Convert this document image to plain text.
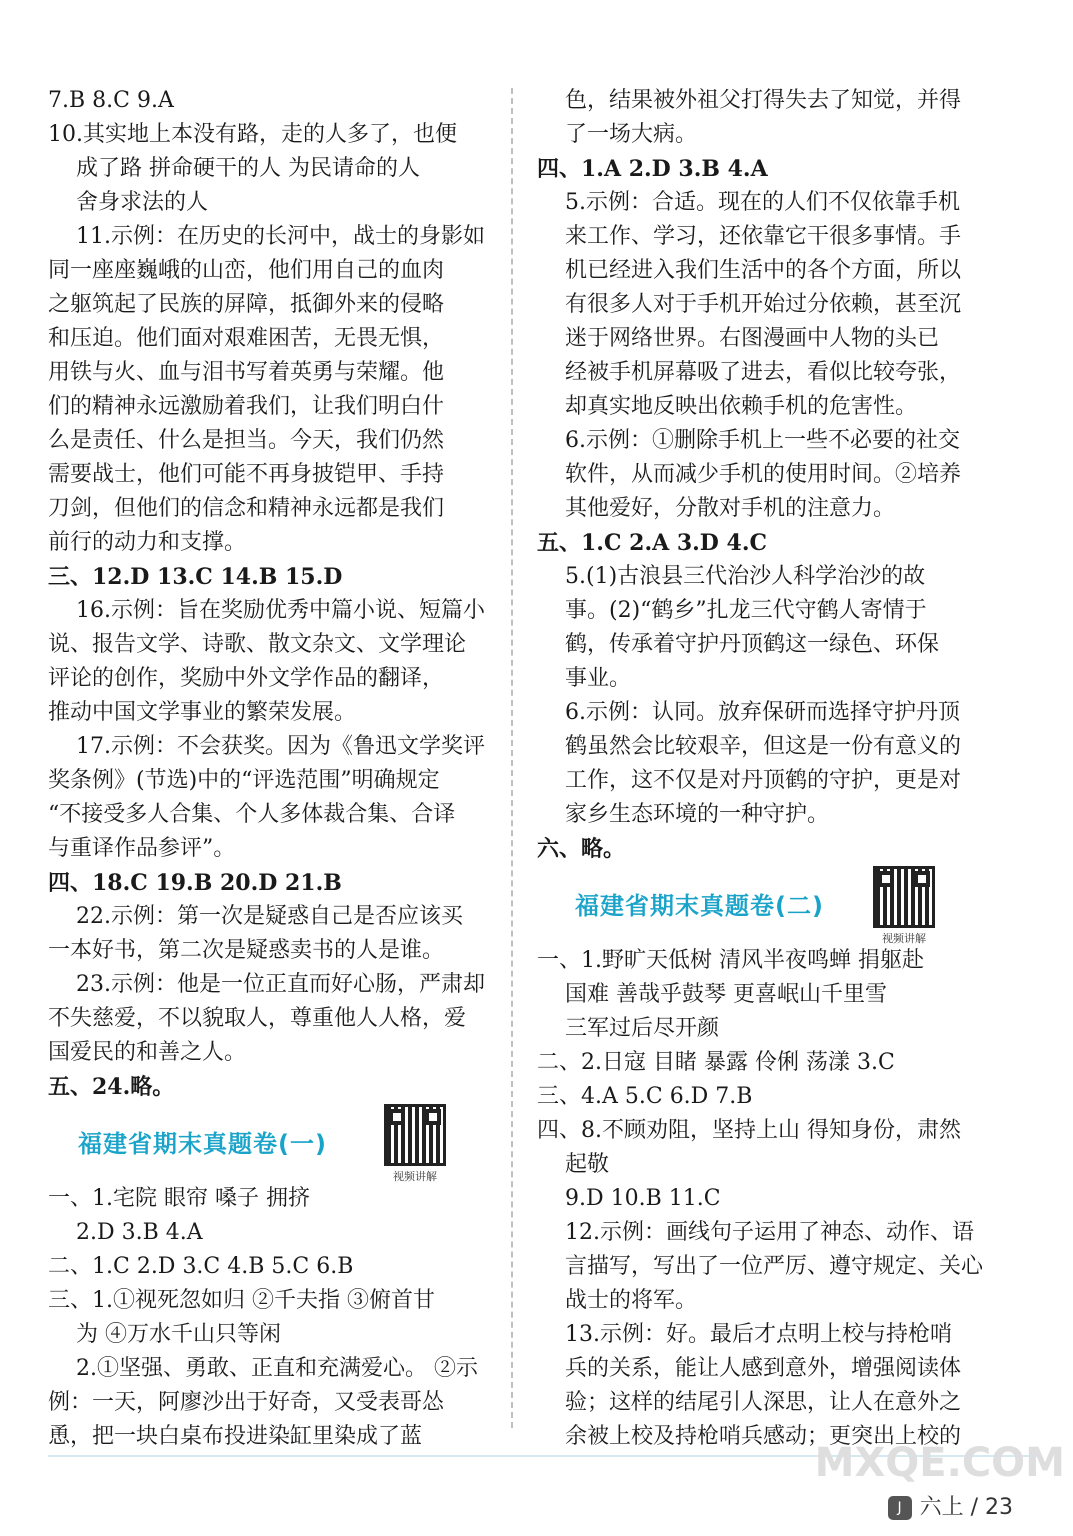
7.B 8.C 9.A
10.其实地上本没有路，走的人多了，也便
成了路 拼命硬干的人 为民请命的人
舍身求法的人
11.示例：在历史的长河中，战士的身影如
同一座座巍峨的山峦，他们用自己的血肉
之躯筑起了民族的屏障，抵御外来的侵略
和压迫。他们面对艰难困苦，无畏无惧，
用铁与火、血与泪书写着英勇与荣耀。他
们的精神永远激励着我们，让我们明白什
么是责任、什么是担当。今天，我们仍然
需要战士，他们可能不再身披铠甲、手持
刀剑，但他们的信念和精神永远都是我们
前行的动力和支撑。
三、12.D 13.C 14.B 15.D
16.示例：旨在奖励优秀中篇小说、短篇小
说、报告文学、诗歌、散文杂文、文学理论
评论的创作，奖励中外文学作品的翻译，
推动中国文学事业的繁荣发展。
17.示例：不会获奖。因为《鲁迅文学奖评
奖条例》(节选)中的“评选范围”明确规定
“不接受多人合集、个人多体裁合集、合译
与重译作品参评”。
四、18.C 19.B 20.D 21.B
22.示例：第一次是疑惑自己是否应该买
一本好书，第二次是疑惑卖书的人是谁。
23.示例：他是一位正直而好心肠，严肃却
不失慈爱，不以貌取人，尊重他人人格，爱
国爱民的和善之人。
五、24.略。
福建省期末真题卷(一)
视频讲解
一、1.宅院 眼帘 嗓子 拥挤
2.D 3.B 4.A
二、1.C 2.D 3.C 4.B 5.C 6.B
三、1.①视死忽如归 ②千夫指 ③俯首甘
为 ④万水千山只等闲
2.①坚强、勇敢、正直和充满爱心。 ②示
例：一天，阿廖沙出于好奇，又受表哥怂
恿，把一块白桌布投进染缸里染成了蓝
色，结果被外祖父打得失去了知觉，并得
了一场大病。
四、1.A 2.D 3.B 4.A
5.示例：合适。现在的人们不仅依靠手机
来工作、学习，还依靠它干很多事情。手
机已经进入我们生活中的各个方面，所以
有很多人对于手机开始过分依赖，甚至沉
迷于网络世界。右图漫画中人物的头已
经被手机屏幕吸了进去，看似比较夸张，
却真实地反映出依赖手机的危害性。
6.示例：①删除手机上一些不必要的社交
软件，从而减少手机的使用时间。②培养
其他爱好，分散对手机的注意力。
五、1.C 2.A 3.D 4.C
5.(1)古浪县三代治沙人科学治沙的故
事。(2)“鹤乡”扎龙三代守鹤人寄情于
鹤，传承着守护丹顶鹤这一绿色、环保
事业。
6.示例：认同。放弃保研而选择守护丹顶
鹤虽然会比较艰辛，但这是一份有意义的
工作，这不仅是对丹顶鹤的守护，更是对
家乡生态环境的一种守护。
六、略。
福建省期末真题卷(二)
视频讲解
一、1.野旷天低树 清风半夜鸣蝉 捐躯赴
国难 善哉乎鼓琴 更喜岷山千里雪
三军过后尽开颜
二、2.日寇 目睹 暴露 伶俐 荡漾 3.C
三、4.A 5.C 6.D 7.B
四、8.不顾劝阻，坚持上山 得知身份，肃然
起敬
9.D 10.B 11.C
12.示例：画线句子运用了神态、动作、语
言描写，写出了一位严厉、遵守规定、关心
战士的将军。
13.示例：好。最后才点明上校与持枪哨
兵的关系，能让人感到意外，增强阅读体
验；这样的结尾引人深思，让人在意外之
余被上校及持枪哨兵感动；更突出上校的
J 六上 / 23
MXQE.COM
